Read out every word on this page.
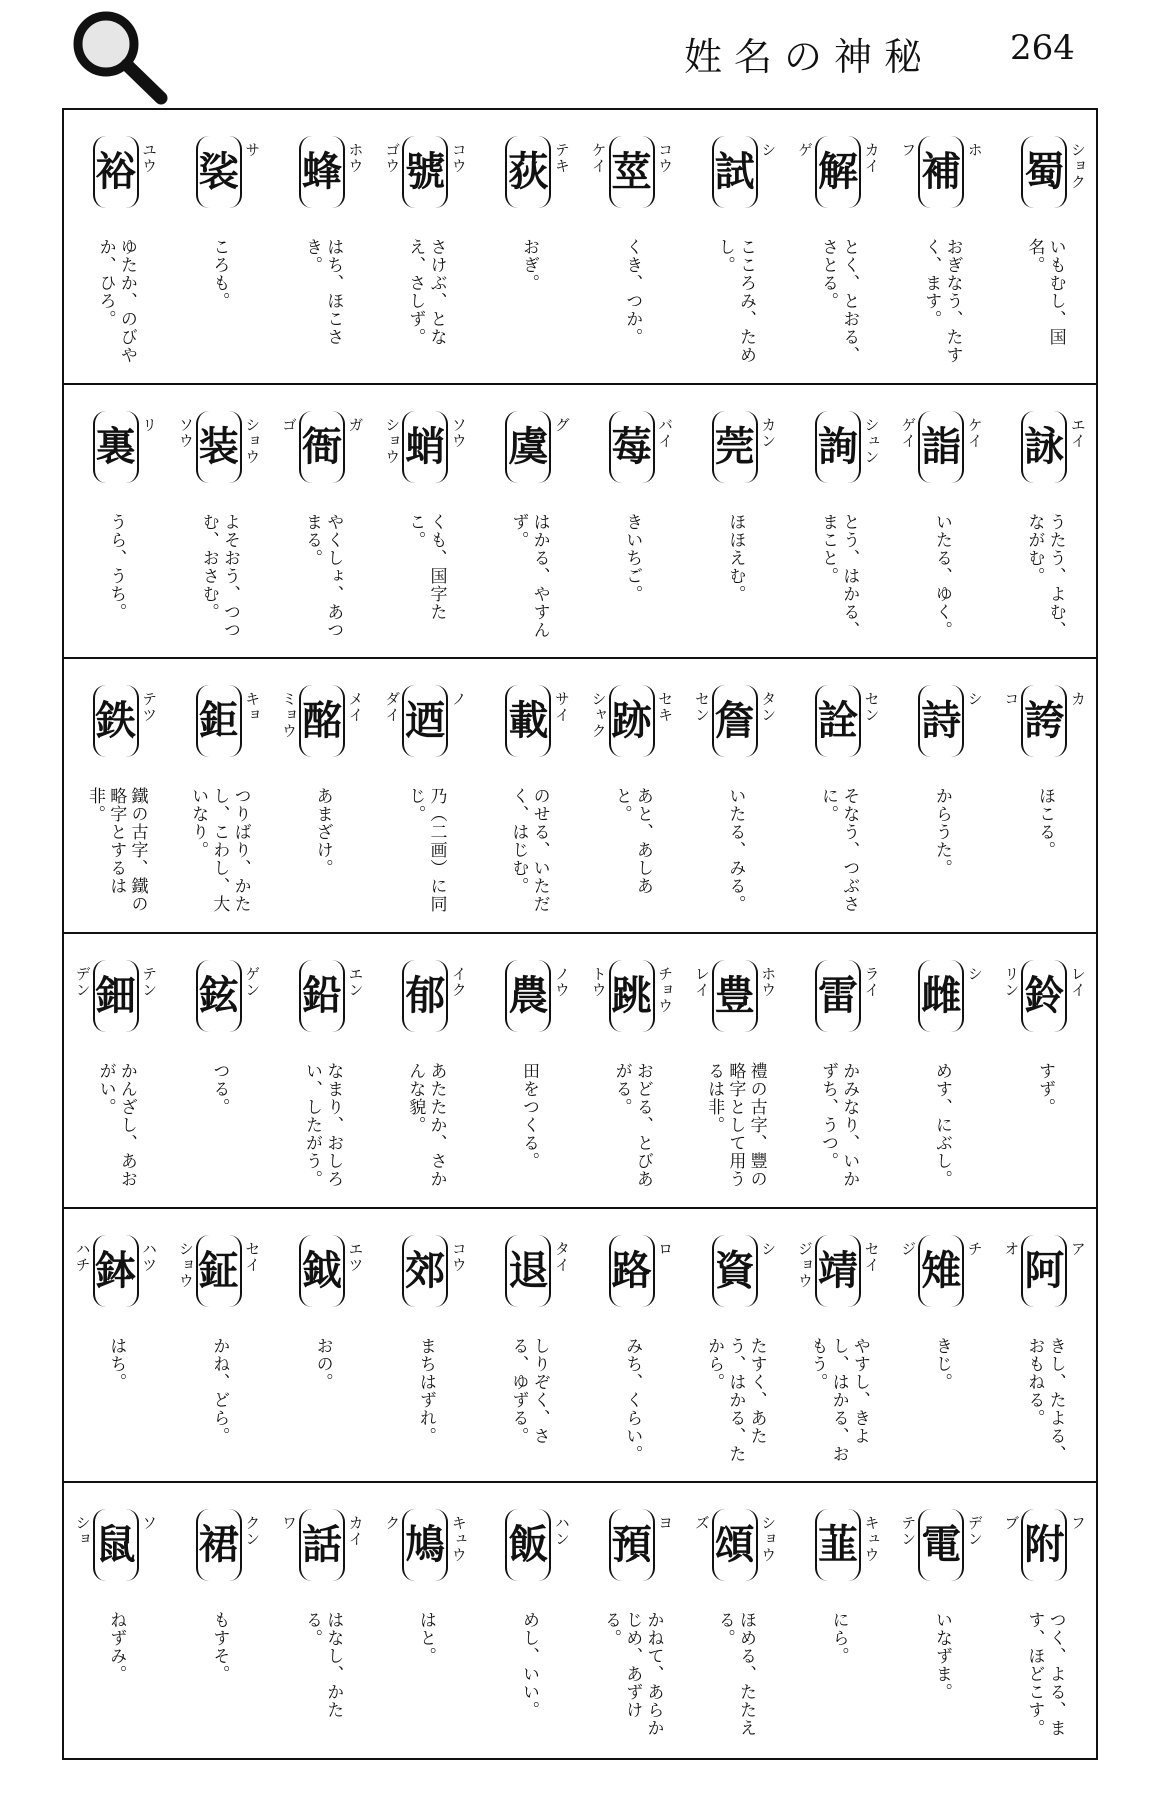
姓名の神秘 264
蜀 ショク
いもむし、国名。
補 ホ
フ
おぎなう、たすく、ます。
解 カイ
ゲ
とく、とおる、さとる。
試 シ
こころみ、ためし。
莖 コウ
ケイ
くき、つか。
荻 テキ
おぎ。
號 コウ
ゴウ
さけぶ、となえ、さしず。
蜂 ホウ
はち、ほこさき。
裟 サ
ころも。
裕 ユウ
ゆたか、のびやか、ひろ。
詠 エイ
うたう、よむ、ながむ。
詣 ケイ
ゲイ
いたる、ゆく。
詢 シュン
とう、はかる、まこと。
莞 カン
ほほえむ。
莓 バイ
きいちご。
虞 グ
はかる、やすんず。
蛸 ソウ
ショウ
くも、国字たこ。
衙 ガ
ゴ
やくしょ、あつまる。
装 ショウ
ソウ
よそおう、つつむ、おさむ。
裏 リ
うら、うち。
誇 カ
コ
ほこる。
詩 シ
からうた。
詮 セン
そなう、つぶさに。
詹 タン
セン
いたる、みる。
跡 セキ
シャク
あと、あしあと。
載 サイ
のせる、いただく、はじむ。
迺 ノ
ダイ
乃（二画）に同じ。
酩 メイ
ミョウ
あまざけ。
鉅 キョ
つりばり、かたし、こわし、大いなり。
鉄 テツ
鐵の古字、鐵の略字とするは非。
鈴 レイ
リン
すず。
雌 シ
めす、にぶし。
雷 ライ
かみなり、いかずち、うつ。
豊 ホウ
レイ
禮の古字、豐の略字として用うるは非。
跳 チョウ
トウ
おどる、とびあがる。
農 ノウ
田をつくる。
郁 イク
あたたか、さかんな貌。
鉛 エン
なまり、おしろい、したがう。
鉉 ゲン
つる。
鈿 テン
デン
かんざし、あおがい。
阿 ア
オ
きし、たよる、おもねる。
雉 チ
ジ
きじ。
靖 セイ
ジョウ
やすし、きよし、はかる、おもう。
資 シ
たすく、あたう、はかる、たから。
路 ロ
みち、くらい。
退 タイ
しりぞく、さる、ゆずる。
郊 コウ
まちはずれ。
鉞 エツ
おの。
鉦 セイ
ショウ
かね、どら。
鉢 ハツ
ハチ
はち。
附 フ
ブ
つく、よる、ます、ほどこす。
電 デン
テン
いなずま。
韮 キュウ
にら。
頌 ショウ
ズ
ほめる、たたえる。
預 ヨ
かねて、あらかじめ、あずける。
飯 ハン
めし、いい。
鳩 キュウ
ク
はと。
話 カイ
ワ
はなし、かたる。
裙 クン
もすそ。
鼠 ソ
ショ
ねずみ。
